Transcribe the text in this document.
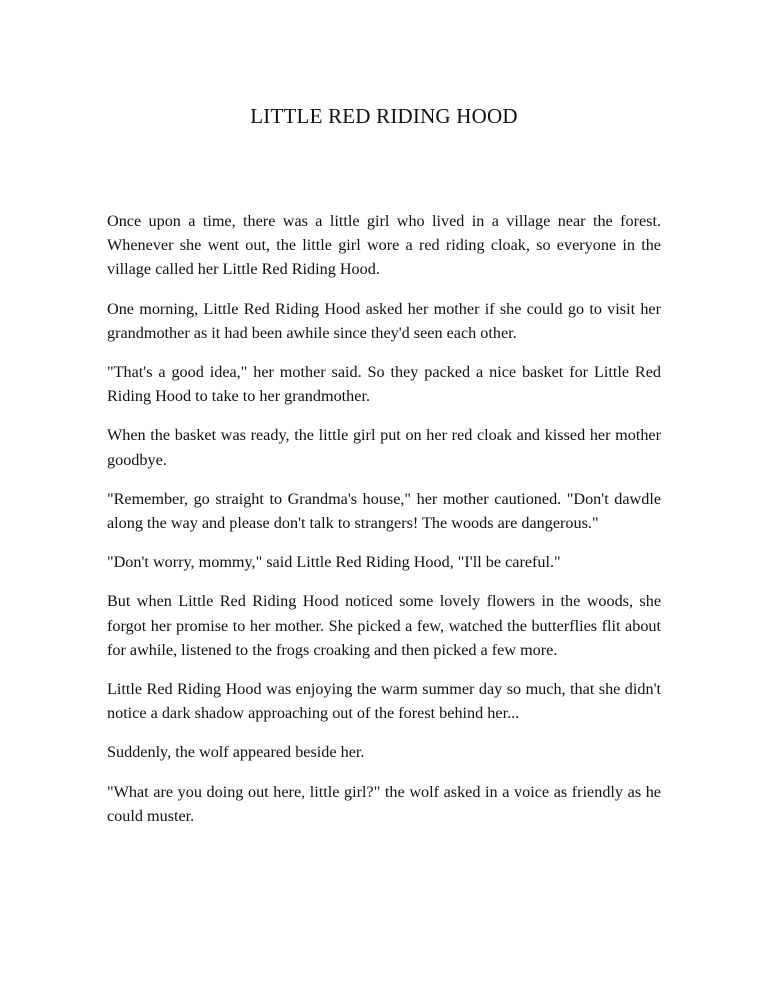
LITTLE RED RIDING HOOD

Once upon a time, there was a little girl who lived in a village near the forest. Whenever she went out, the little girl wore a red riding cloak, so everyone in the village called her Little Red Riding Hood.

One morning, Little Red Riding Hood asked her mother if she could go to visit her grandmother as it had been awhile since they'd seen each other.

"That's a good idea," her mother said. So they packed a nice basket for Little Red Riding Hood to take to her grandmother.

When the basket was ready, the little girl put on her red cloak and kissed her mother goodbye.

"Remember, go straight to Grandma's house," her mother cautioned. "Don't dawdle along the way and please don't talk to strangers! The woods are dangerous."

"Don't worry, mommy," said Little Red Riding Hood, "I'll be careful."

But when Little Red Riding Hood noticed some lovely flowers in the woods, she forgot her promise to her mother. She picked a few, watched the butterflies flit about for awhile, listened to the frogs croaking and then picked a few more.

Little Red Riding Hood was enjoying the warm summer day so much, that she didn't notice a dark shadow approaching out of the forest behind her...

Suddenly, the wolf appeared beside her.

"What are you doing out here, little girl?" the wolf asked in a voice as friendly as he could muster.
